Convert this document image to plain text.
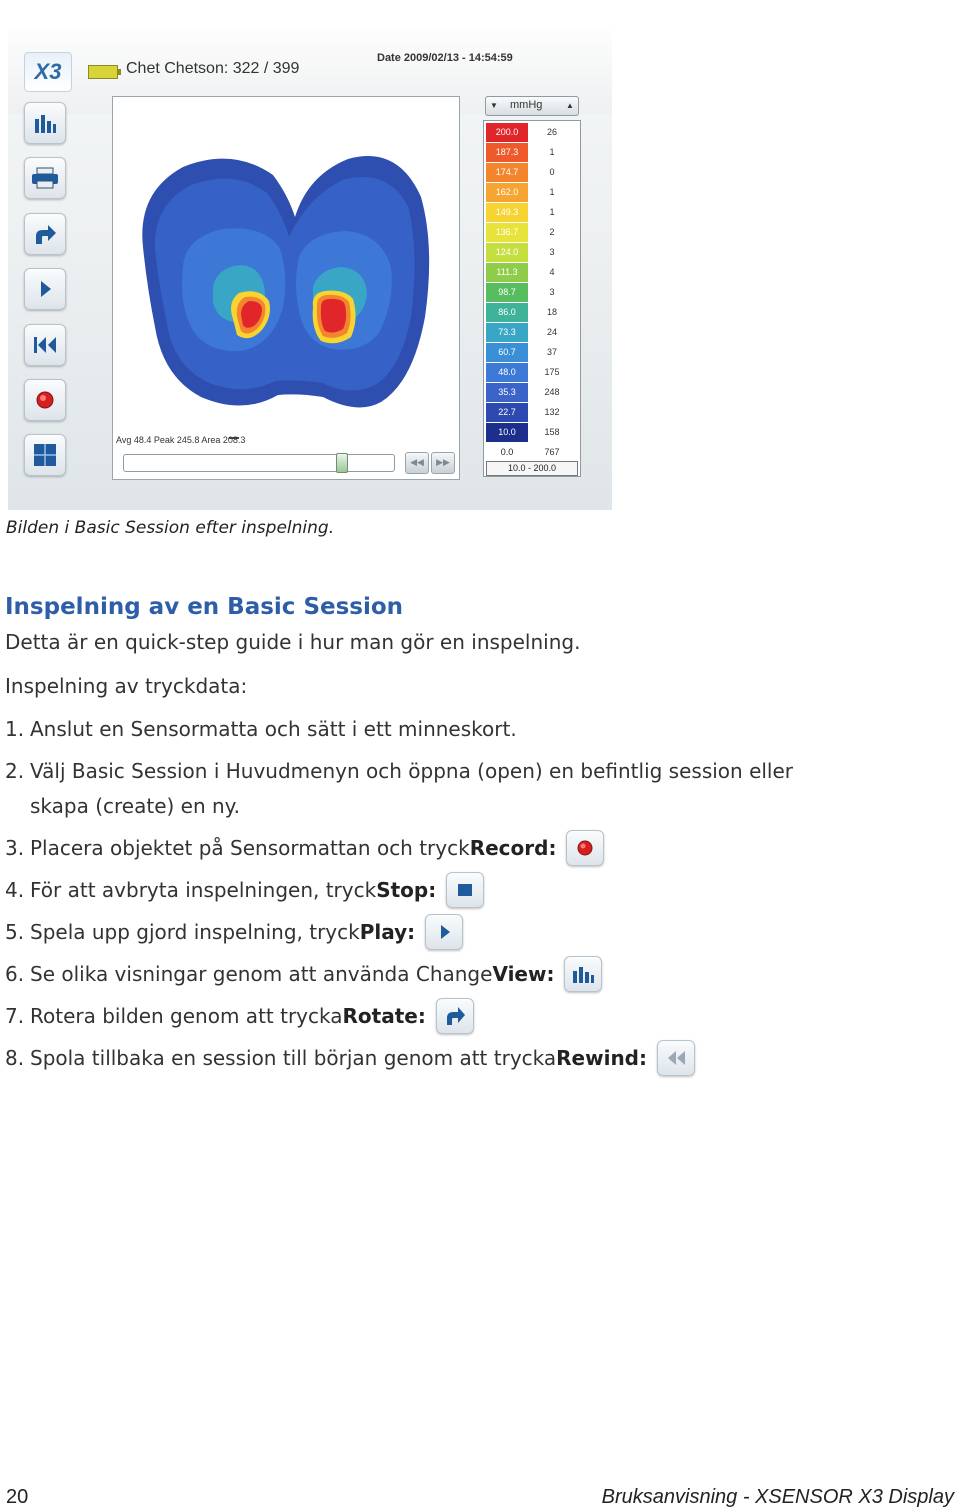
X3	Chet Chetson: 322 / 399
Date 2009/02/13 - 14:54:59
Avg 48.4 Peak 245.8 Area 208.3
◀◀	▶▶
▼	mmHg	▲
200.0	26
187.3	1
174.7	0
162.0	1
149.3	1
136.7	2
124.0	3
111.3	4
98.7	3
86.0	18
73.3	24
60.7	37
48.0	175
35.3	248
22.7	132
10.0	158
0.0	767
10.0 - 200.0
Bilden i Basic Session efter inspelning.
Inspelning av en Basic Session
Detta är en quick-step guide i hur man gör en inspelning.
Inspelning av tryckdata:
1. Anslut en Sensormatta och sätt i ett minneskort.
2. Välj Basic Session i Huvudmenyn och öppna (open) en befintlig session eller
skapa (create) en ny.
3. Placera objektet på Sensormattan och tryck Record:
4. För att avbryta inspelningen, tryck Stop:
5. Spela upp gjord inspelning, tryck Play:
6. Se olika visningar genom att använda Change View:
7. Rotera bilden genom att trycka Rotate:
8. Spola tillbaka en session till början genom att trycka Rewind:
20	Bruksanvisning - XSENSOR X3 Display
